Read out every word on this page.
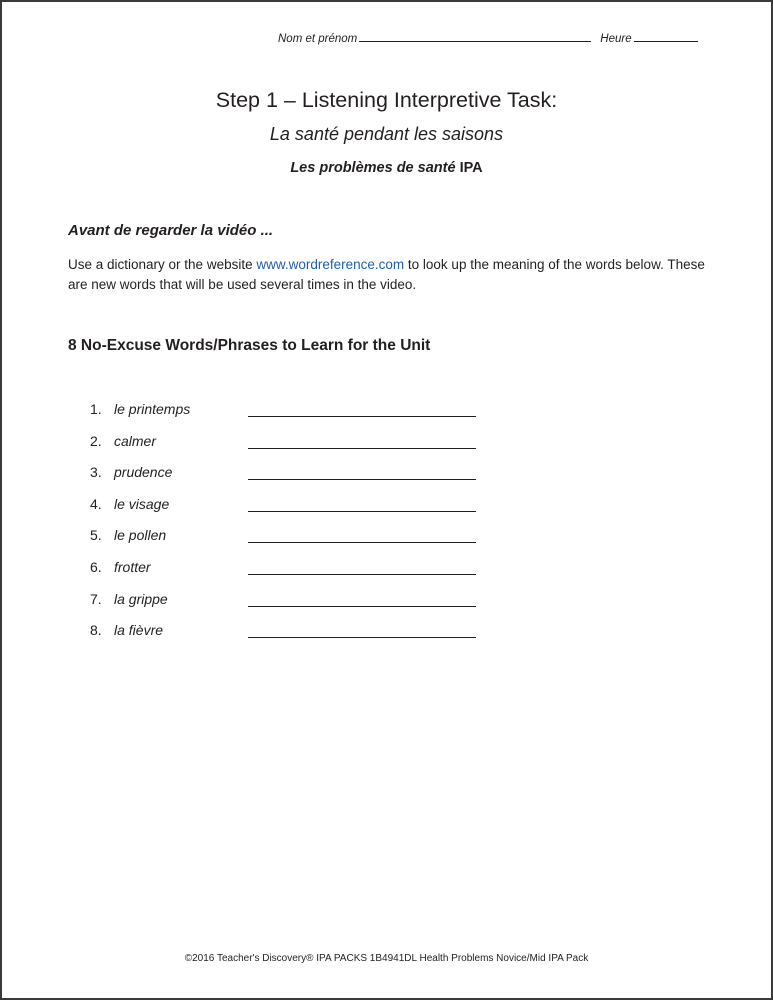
Nom et prénom	Heure
Step 1 – Listening Interpretive Task:
La santé pendant les saisons
Les problèmes de santé IPA
Avant de regarder la vidéo ...
Use a dictionary or the website www.wordreference.com to look up the meaning of the words below. These are new words that will be used several times in the video.
8 No-Excuse Words/Phrases to Learn for the Unit
1. le printemps
2. calmer
3. prudence
4. le visage
5. le pollen
6. frotter
7. la grippe
8. la fièvre
©2016 Teacher's Discovery® IPA PACKS 1B4941DL Health Problems Novice/Mid IPA Pack
